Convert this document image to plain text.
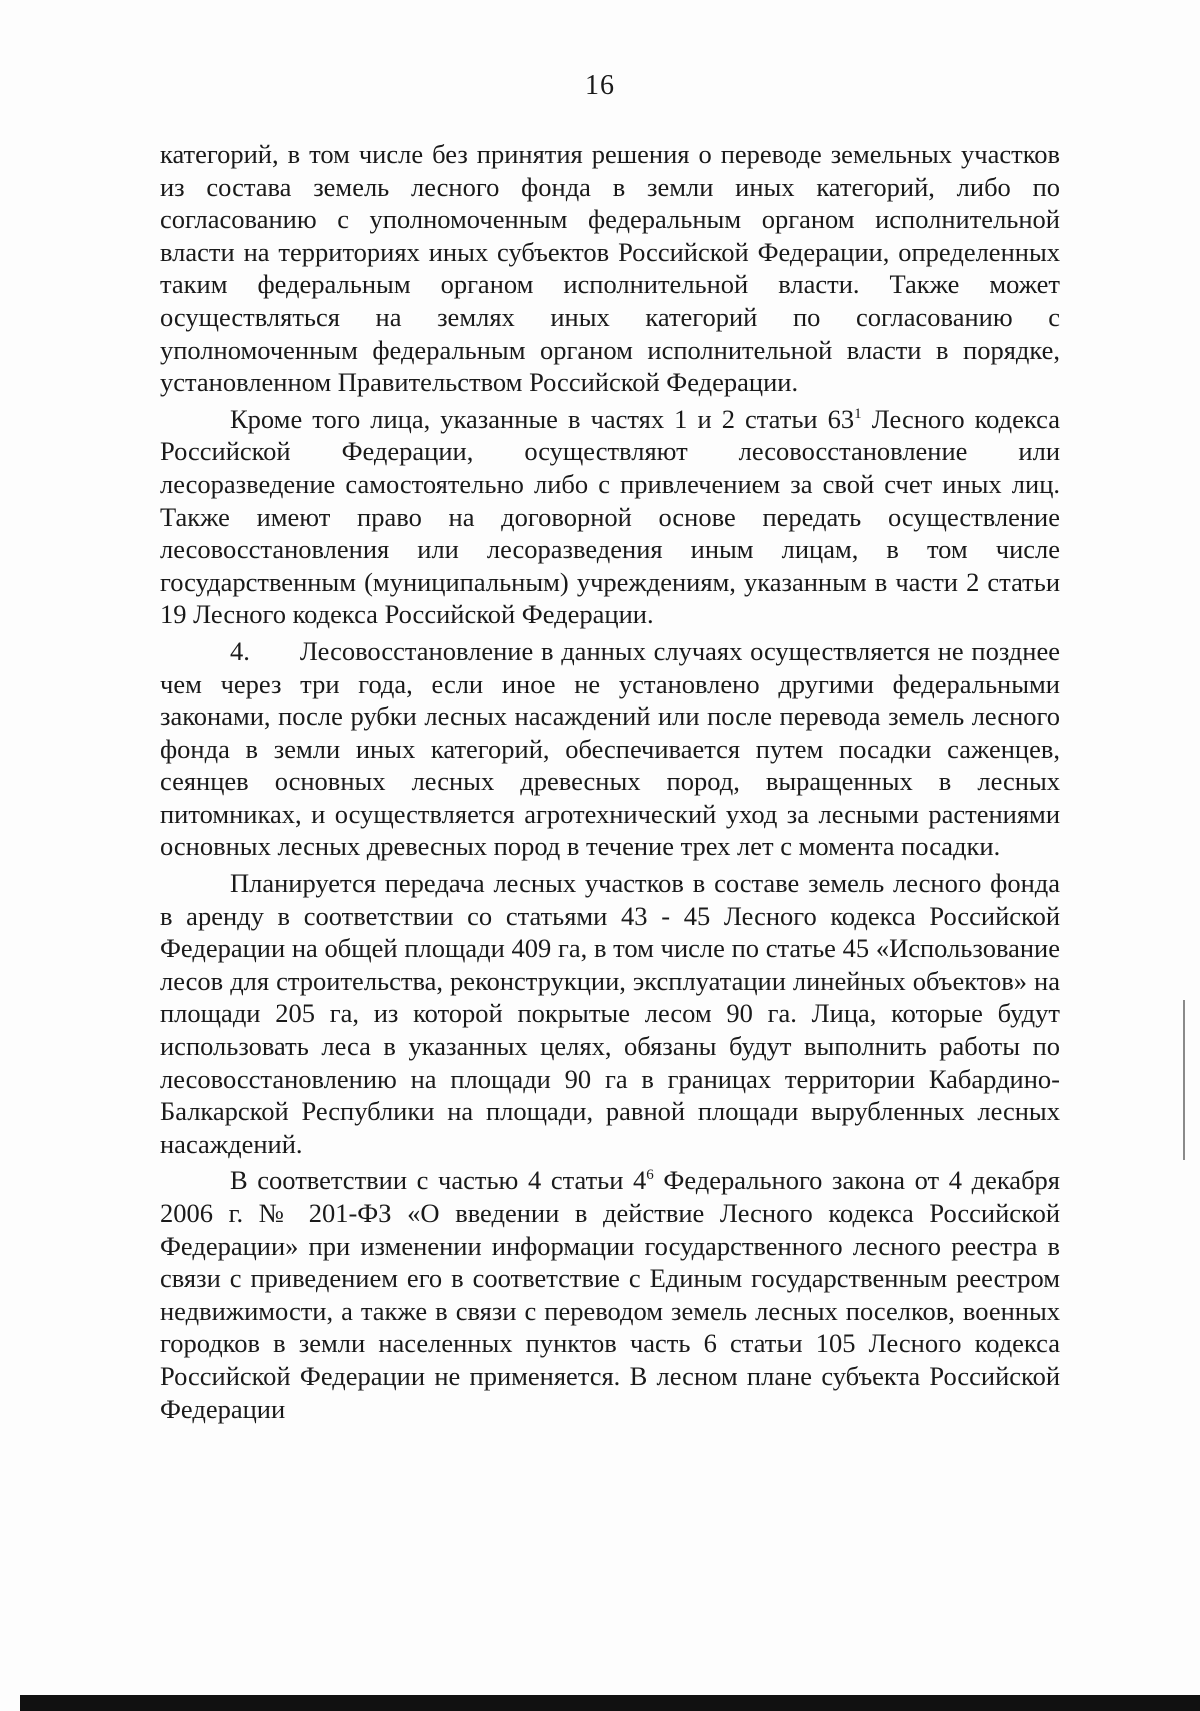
16

категорий, в том числе без принятия решения о переводе земельных участков из состава земель лесного фонда в земли иных категорий, либо по согласованию с уполномоченным федеральным органом исполнительной власти на территориях иных субъектов Российской Федерации, определенных таким федеральным органом исполнительной власти. Также может осуществляться на землях иных категорий по согласованию с уполномоченным федеральным органом исполнительной власти в порядке, установленном Правительством Российской Федерации.

Кроме того лица, указанные в частях 1 и 2 статьи $63^1$ Лесного кодекса Российской Федерации, осуществляют лесовосстановление или лесоразведение самостоятельно либо с привлечением за свой счет иных лиц. Также имеют право на договорной основе передать осуществление лесовосстановления или лесоразведения иным лицам, в том числе государственным (муниципальным) учреждениям, указанным в части 2 статьи 19 Лесного кодекса Российской Федерации.

4. Лесовосстановление в данных случаях осуществляется не позднее чем через три года, если иное не установлено другими федеральными законами, после рубки лесных насаждений или после перевода земель лесного фонда в земли иных категорий, обеспечивается путем посадки саженцев, сеянцев основных лесных древесных пород, выращенных в лесных питомниках, и осуществляется агротехнический уход за лесными растениями основных лесных древесных пород в течение трех лет с момента посадки.

Планируется передача лесных участков в составе земель лесного фонда в аренду в соответствии со статьями 43 - 45 Лесного кодекса Российской Федерации на общей площади 409 га, в том числе по статье 45 «Использование лесов для строительства, реконструкции, эксплуатации линейных объектов» на площади 205 га, из которой покрытые лесом 90 га. Лица, которые будут использовать леса в указанных целях, обязаны будут выполнить работы по лесовосстановлению на площади 90 га в границах территории Кабардино-Балкарской Республики на площади, равной площади вырубленных лесных насаждений.

В соответствии с частью 4 статьи $4^6$ Федерального закона от 4 декабря 2006 г. № 201-ФЗ «О введении в действие Лесного кодекса Российской Федерации» при изменении информации государственного лесного реестра в связи с приведением его в соответствие с Единым государственным реестром недвижимости, а также в связи с переводом земель лесных поселков, военных городков в земли населенных пунктов часть 6 статьи 105 Лесного кодекса Российской Федерации не применяется. В лесном плане субъекта Российской Федерации
